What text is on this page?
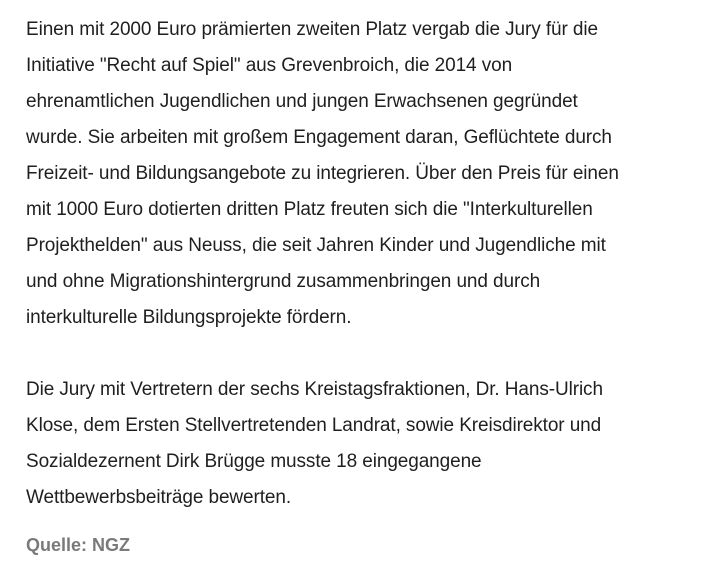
Einen mit 2000 Euro prämierten zweiten Platz vergab die Jury für die
Initiative "Recht auf Spiel" aus Grevenbroich, die 2014 von
ehrenamtlichen Jugendlichen und jungen Erwachsenen gegründet
wurde. Sie arbeiten mit großem Engagement daran, Geflüchtete durch
Freizeit- und Bildungsangebote zu integrieren. Über den Preis für einen
mit 1000 Euro dotierten dritten Platz freuten sich die "Interkulturellen
Projekthelden" aus Neuss, die seit Jahren Kinder und Jugendliche mit
und ohne Migrationshintergrund zusammenbringen und durch
interkulturelle Bildungsprojekte fördern.

Die Jury mit Vertretern der sechs Kreistagsfraktionen, Dr. Hans-Ulrich
Klose, dem Ersten Stellvertretenden Landrat, sowie Kreisdirektor und
Sozialdezernent Dirk Brügge musste 18 eingegangene
Wettbewerbsbeiträge bewerten.

Quelle: NGZ
